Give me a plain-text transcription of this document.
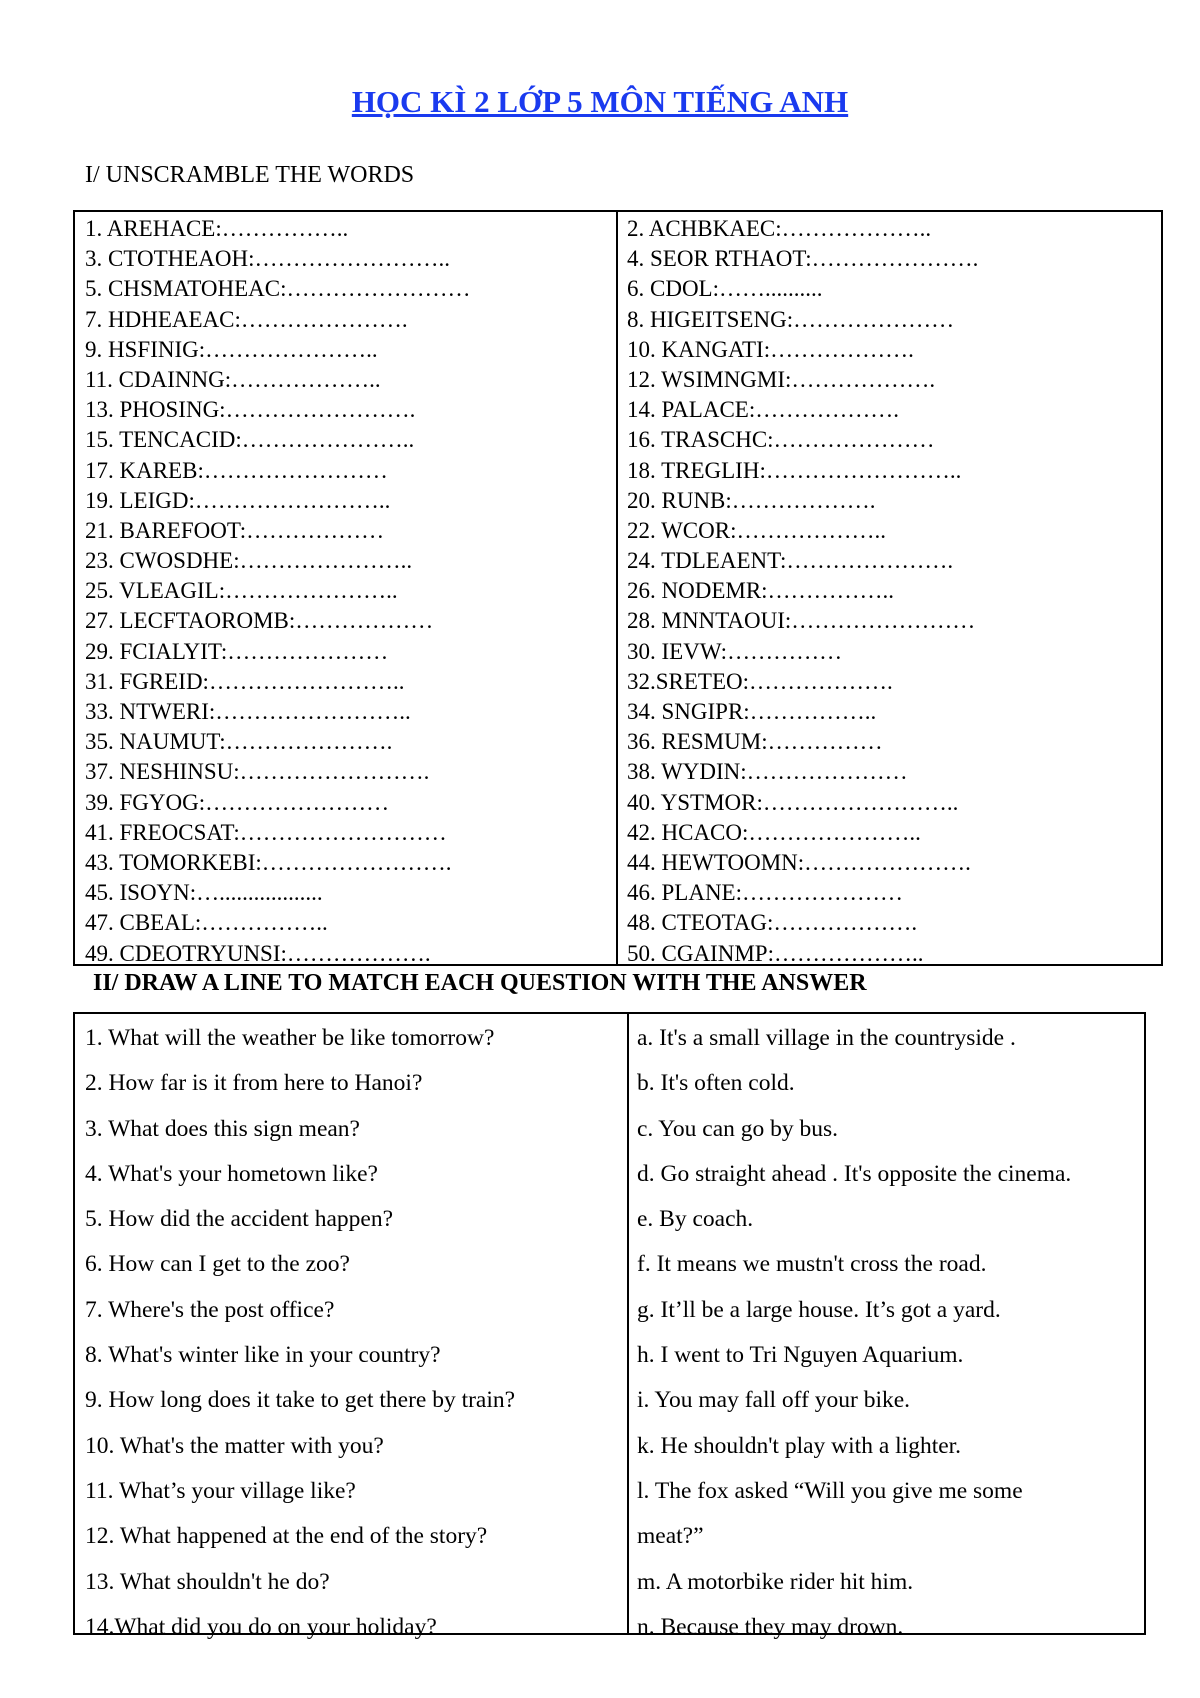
HỌC KÌ 2 LỚP 5 MÔN TIẾNG ANH
I/ UNSCRAMBLE THE WORDS
1. AREHACE:……………..
3. CTOTHEAOH:……………………..
5. CHSMATOHEAC:……………………
7. HDHEAEAC:………………….
9. HSFINIG:…………………..
11. CDAINNG:………………..
13. PHOSING:…………………….
15. TENCACID:…………………..
17. KAREB:……………………
19. LEIGD:……………………..
21. BAREFOOT:………………
23. CWOSDHE:…………………..
25. VLEAGIL:…………………..
27. LECFTAOROMB:………………
29. FCIALYIT:…………………
31. FGREID:……………………..
33. NTWERI:……………………..
35. NAUMUT:………………….
37. NESHINSU:…………………….
39. FGYOG:……………………
41. FREOCSAT:………………………
43. TOMORKEBI:…………………….
45. ISOYN:…..................
47. CBEAL:……………..
49. CDEOTRYUNSI:……………….
2. ACHBKAEC:………………..
4. SEOR RTHAOT:………………….
6. CDOL:……..........
8. HIGEITSENG:…………………
10. KANGATI:……………….
12. WSIMNGMI:……………….
14. PALACE:……………….
16. TRASCHC:…………………
18. TREGLIH:……………………..
20. RUNB:……………….
22. WCOR:………………..
24. TDLEAENT:………………….
26. NODEMR:……………..
28. MNNTAOUI:……………………
30. IEVW:……………
32.SRETEO:……………….
34. SNGIPR:……………..
36. RESMUM:……………
38. WYDIN:…………………
40. YSTMOR:……………………..
42. HCACO:…………………..
44. HEWTOOMN:………………….
46. PLANE:…………………
48. CTEOTAG:……………….
50. CGAINMP:………………..
II/ DRAW A LINE TO MATCH EACH QUESTION WITH THE ANSWER
1. What will the weather be like tomorrow?
2. How far is it from here to Hanoi?
3. What does this sign mean?
4. What's your hometown like?
5. How did the accident happen?
6. How can I get to the zoo?
7. Where's the post office?
8. What's winter like in your country?
9. How long does it take to get there by train?
10. What's the matter with you?
11. What’s your village like?
12. What happened at the end of the story?
13. What shouldn't he do?
14.What did you do on your holiday?
a. It's a small village in the countryside .
b. It's often cold.
c. You can go by bus.
d. Go straight ahead . It's opposite the cinema.
e. By coach.
f. It means we mustn't cross the road.
g. It’ll be a large house. It’s got a yard.
h. I went to Tri Nguyen Aquarium.
i. You may fall off your bike.
k. He shouldn't play with a lighter.
l. The fox asked “Will you give me some
meat?”
m. A motorbike rider hit him.
n. Because they may drown.
